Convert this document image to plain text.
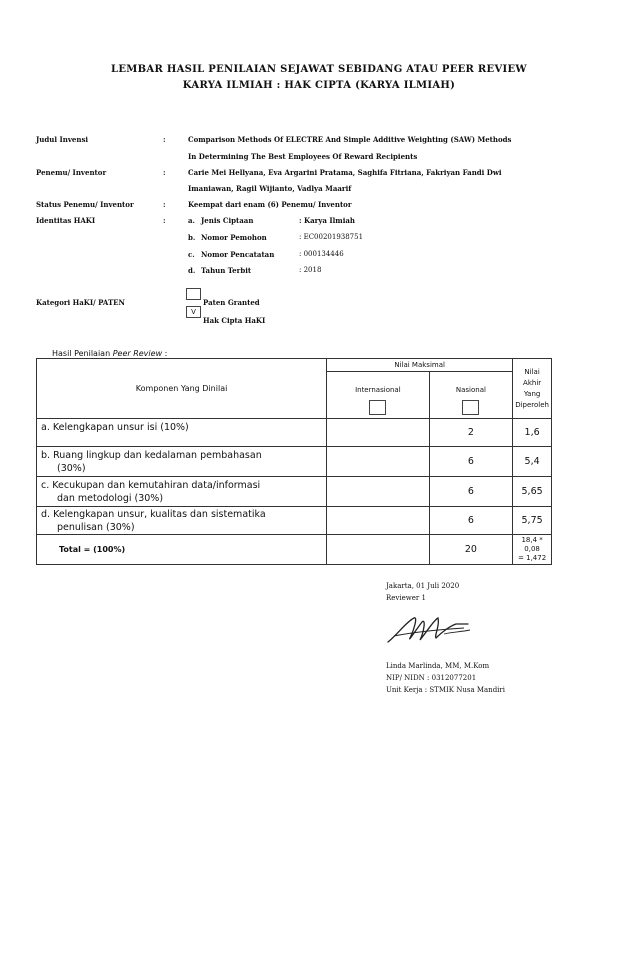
LEMBAR HASIL PENILAIAN SEJAWAT SEBIDANG ATAU PEER REVIEW
KARYA ILMIAH : HAK CIPTA (KARYA ILMIAH)
Judul Invensi	:	Comparison Methods Of ELECTRE And Simple Additive Weighting (SAW) Methods
In Determining The Best Employees Of Reward Recipients
Penemu/ Inventor	:	Carie Mei Hellyana, Eva Argarini Pratama, Saghifa Fitriana, Fakriyan Fandi Dwi
Imaniawan, Ragil Wijianto, Vadlya Maarif
Status Penemu/ Inventor	:	Keempat dari enam (6) Penemu/ Inventor
Identitas HAKI	:	a. Jenis Ciptaan	: Karya Ilmiah
b. Nomor Pemohon	: EC00201938751
c. Nomor Pencatatan	: 000134446
d. Tahun Terbit	: 2018
Kategori HaKI/ PATEN	Paten Granted
V
Hak Cipta HaKI
Hasil Penilaian Peer Review :
Komponen Yang Dinilai	Nilai Maksimal		Nilai Akhir Yang Diperoleh

	Internasional	Nasional	

a. Kelengkapan unsur isi (10%)		2	1,6

b. Ruang lingkup dan kedalaman pembahasan
(30%)		6	5,4

c. Kecukupan dan kemutahiran data/informasi
dan metodologi (30%)		6	5,65

d. Kelengkapan unsur, kualitas dan sistematika
penulisan (30%)		6	5,75
Total = (100%)		20	18,4 * 0,08
= 1,472
Jakarta, 01 Juli 2020
Reviewer 1
Linda Marlinda, MM, M.Kom
NIP/ NIDN : 0312077201
Unit Kerja : STMIK Nusa Mandiri
